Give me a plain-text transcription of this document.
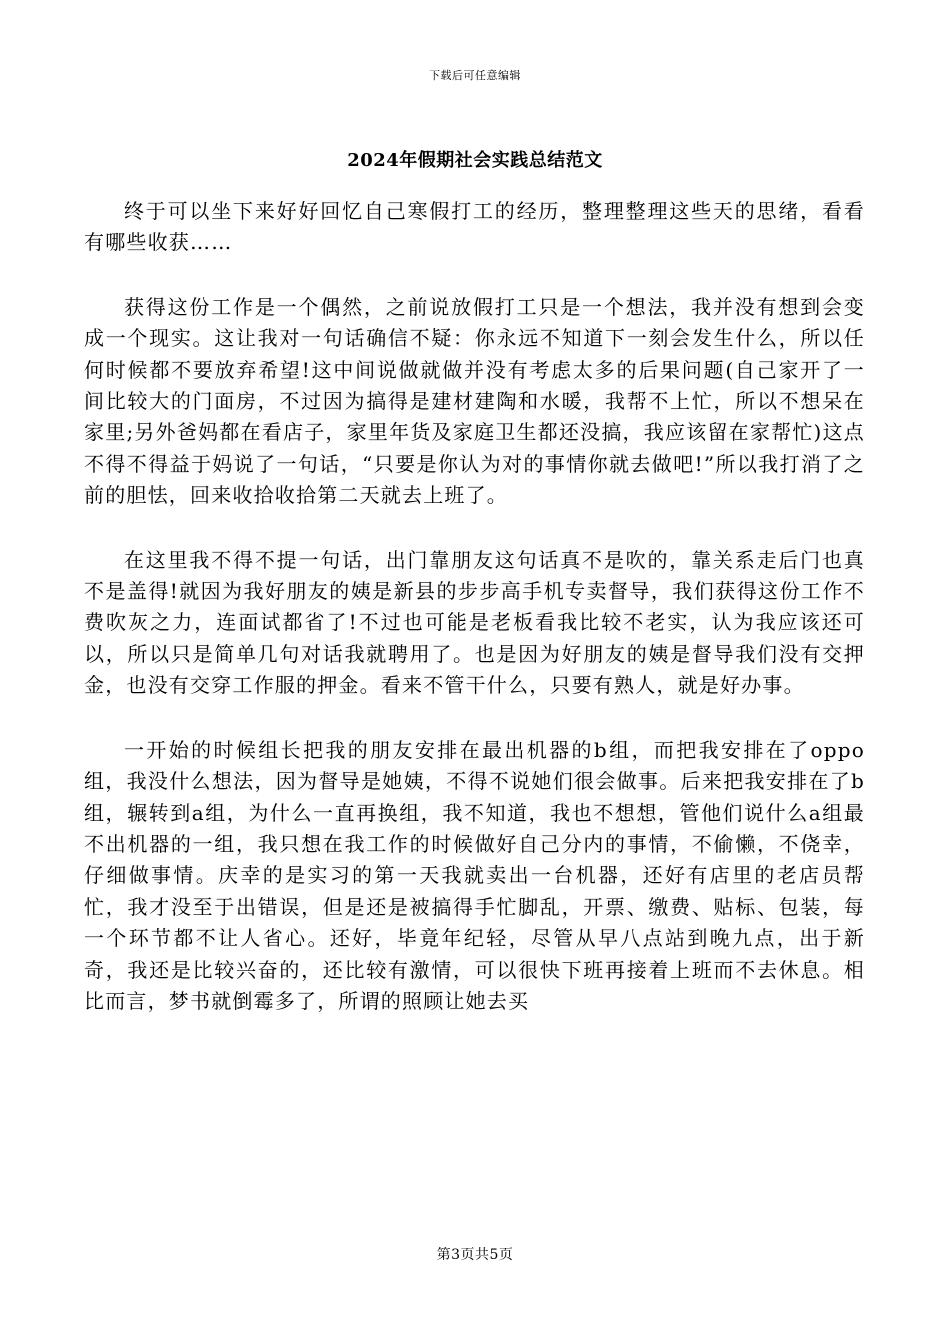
下载后可任意编辑
2024年假期社会实践总结范文

终于可以坐下来好好回忆自己寒假打工的经历，整理整理这些天的思绪，看看有哪些收获……

获得这份工作是一个偶然，之前说放假打工只是一个想法，我并没有想到会变成一个现实。这让我对一句话确信不疑：你永远不知道下一刻会发生什么，所以任何时候都不要放弃希望!这中间说做就做并没有考虑太多的后果问题(自己家开了一间比较大的门面房，不过因为搞得是建材建陶和水暖，我帮不上忙，所以不想呆在家里;另外爸妈都在看店子，家里年货及家庭卫生都还没搞，我应该留在家帮忙)这点不得不得益于妈说了一句话，“只要是你认为对的事情你就去做吧!”所以我打消了之前的胆怯，回来收拾收拾第二天就去上班了。

在这里我不得不提一句话，出门靠朋友这句话真不是吹的，靠关系走后门也真不是盖得!就因为我好朋友的姨是新县的步步高手机专卖督导，我们获得这份工作不费吹灰之力，连面试都省了!不过也可能是老板看我比较不老实，认为我应该还可以，所以只是简单几句对话我就聘用了。也是因为好朋友的姨是督导我们没有交押金，也没有交穿工作服的押金。看来不管干什么，只要有熟人，就是好办事。

一开始的时候组长把我的朋友安排在最出机器的b组，而把我安排在了oppo组，我没什么想法，因为督导是她姨，不得不说她们很会做事。后来把我安排在了b组，辗转到a组，为什么一直再换组，我不知道，我也不想想，管他们说什么a组最不出机器的一组，我只想在我工作的时候做好自己分内的事情，不偷懒，不侥幸，仔细做事情。庆幸的是实习的第一天我就卖出一台机器，还好有店里的老店员帮忙，我才没至于出错误，但是还是被搞得手忙脚乱，开票、缴费、贴标、包装，每一个环节都不让人省心。还好，毕竟年纪轻，尽管从早八点站到晚九点，出于新奇，我还是比较兴奋的，还比较有激情，可以很快下班再接着上班而不去休息。相比而言，梦书就倒霉多了，所谓的照顾让她去买

第3页共5页
